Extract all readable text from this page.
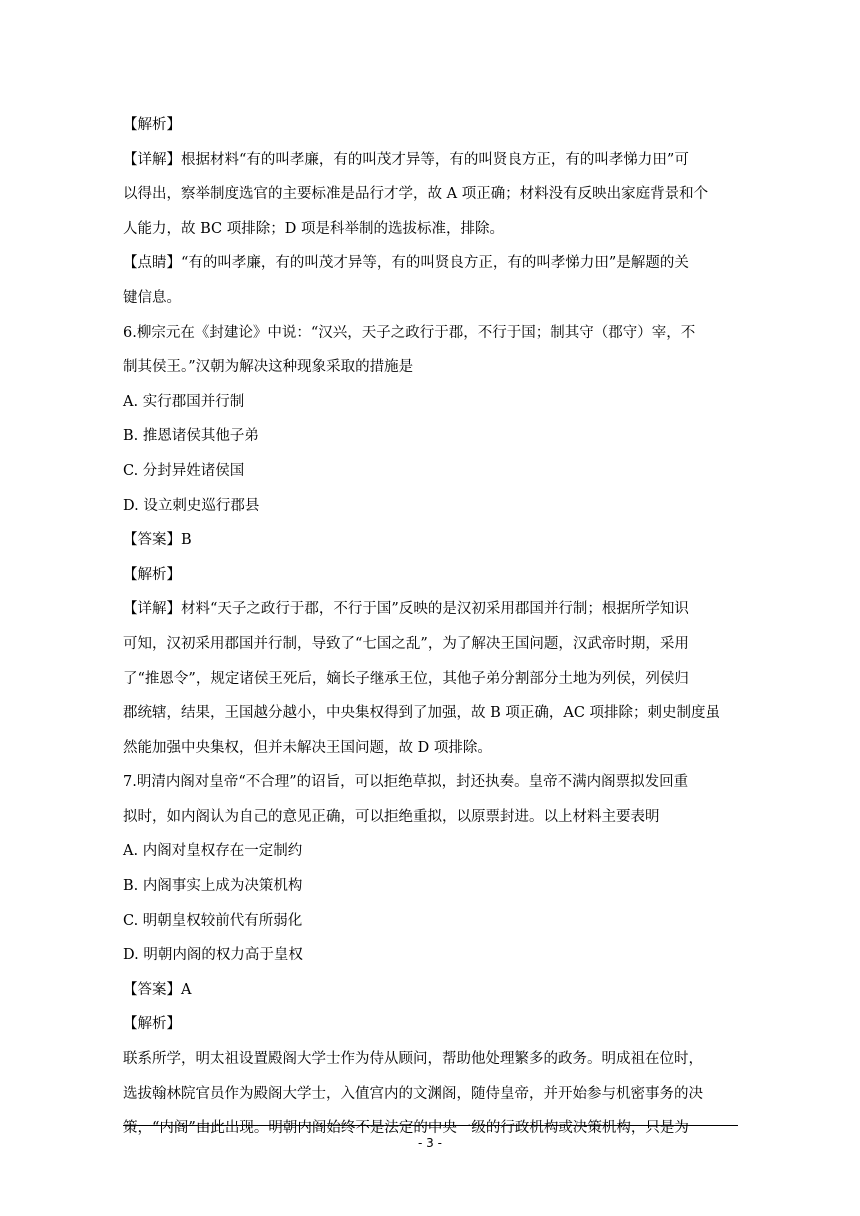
【解析】
【详解】根据材料“有的叫孝廉，有的叫茂才异等，有的叫贤良方正，有的叫孝悌力田”可
以得出，察举制度选官的主要标准是品行才学，故 A 项正确；材料没有反映出家庭背景和个
人能力，故 BC 项排除；D 项是科举制的选拔标准，排除。
【点睛】“有的叫孝廉，有的叫茂才异等，有的叫贤良方正，有的叫孝悌力田”是解题的关
键信息。
6.柳宗元在《封建论》中说：“汉兴，天子之政行于郡，不行于国；制其守（郡守）宰，不
制其侯王。”汉朝为解决这种现象采取的措施是
A. 实行郡国并行制
B. 推恩诸侯其他子弟
C. 分封异姓诸侯国
D. 设立刺史巡行郡县
【答案】B
【解析】
【详解】材料“天子之政行于郡，不行于国”反映的是汉初采用郡国并行制；根据所学知识
可知，汉初采用郡国并行制，导致了“七国之乱”，为了解决王国问题，汉武帝时期，采用
了“推恩令”，规定诸侯王死后，嫡长子继承王位，其他子弟分割部分土地为列侯，列侯归
郡统辖，结果，王国越分越小，中央集权得到了加强，故 B 项正确，AC 项排除；刺史制度虽
然能加强中央集权，但并未解决王国问题，故 D 项排除。
7.明清内阁对皇帝“不合理”的诏旨，可以拒绝草拟，封还执奏。皇帝不满内阁票拟发回重
拟时，如内阁认为自己的意见正确，可以拒绝重拟，以原票封进。以上材料主要表明
A. 内阁对皇权存在一定制约
B. 内阁事实上成为决策机构
C. 明朝皇权较前代有所弱化
D. 明朝内阁的权力高于皇权
【答案】A
【解析】
联系所学，明太祖设置殿阁大学士作为侍从顾问，帮助他处理繁多的政务。明成祖在位时，
选拔翰林院官员作为殿阁大学士，入值宫内的文渊阁，随侍皇帝，并开始参与机密事务的决
策，“内阁”由此出现。明朝内阁始终不是法定的中央一级的行政机构或决策机构，只是为
- 3 -
